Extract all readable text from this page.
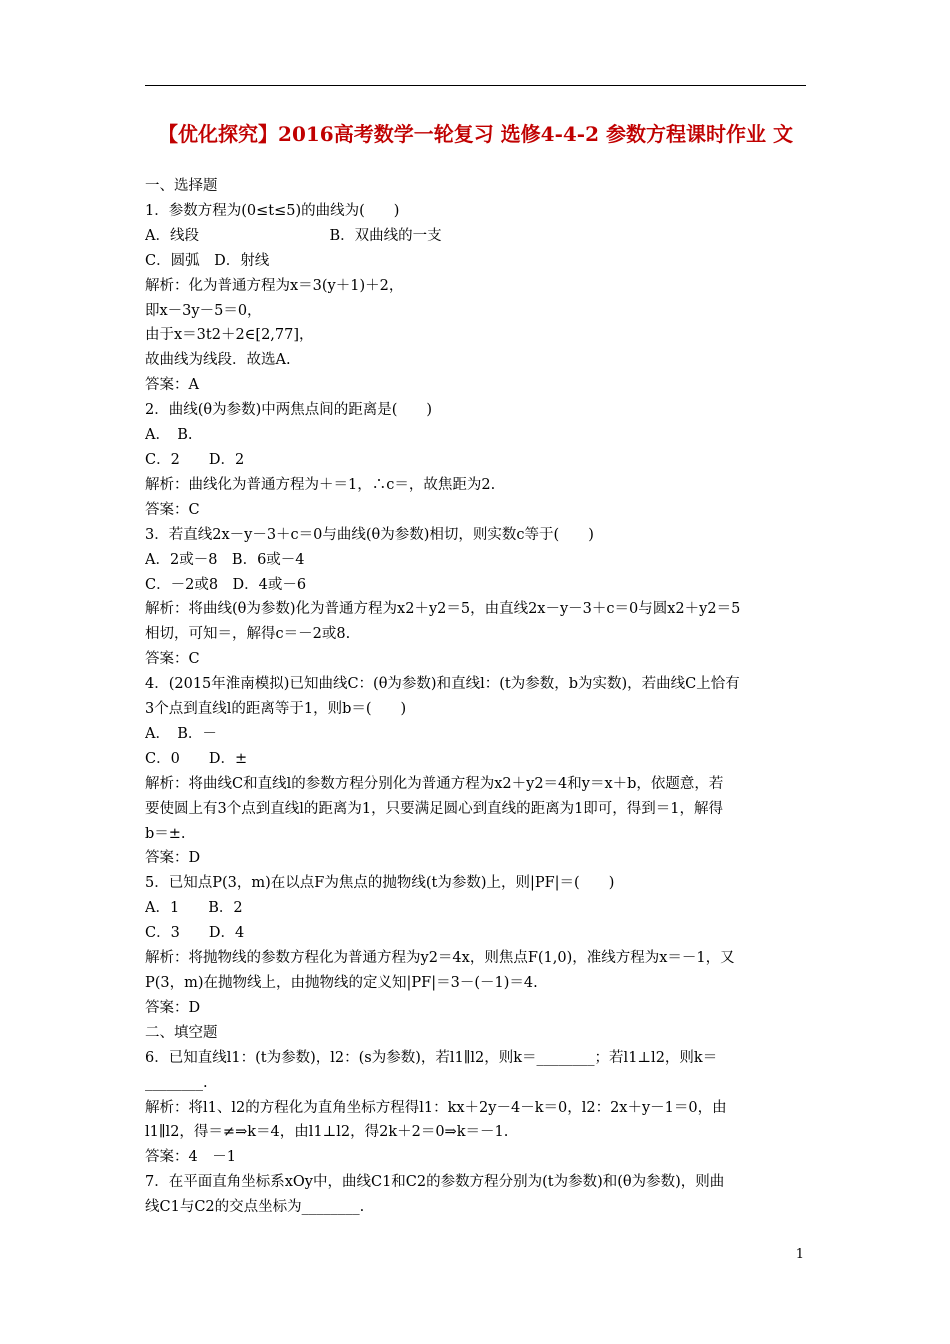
【优化探究】2016高考数学一轮复习 选修4-4-2 参数方程课时作业 文

一、选择题

1．参数方程为(0≤t≤5)的曲线为(　　)

A．线段　　　　　　　　　B．双曲线的一支

C．圆弧　D．射线

解析：化为普通方程为x＝3(y＋1)＋2，

即x－3y－5＝0，

由于x＝3t2＋2∈[2,77]，

故曲线为线段．故选A.

答案：A

2．曲线(θ为参数)中两焦点间的距离是(　　)

A．　B.

C．2　　D．2

解析：曲线化为普通方程为＋＝1，∴c＝，故焦距为2.

答案：C

3．若直线2x－y－3＋c＝0与曲线(θ为参数)相切，则实数c等于(　　)

A．2或－8　B．6或－4

C．－2或8　D．4或－6

解析：将曲线(θ为参数)化为普通方程为x2＋y2＝5，由直线2x－y－3＋c＝0与圆x2＋y2＝5

相切，可知＝，解得c＝－2或8.

答案：C

4．(2015年淮南模拟)已知曲线C：(θ为参数)和直线l：(t为参数，b为实数)，若曲线C上恰有

3个点到直线l的距离等于1，则b＝(　　)

A．　B．－

C．0　　D．±

解析：将曲线C和直线l的参数方程分别化为普通方程为x2＋y2＝4和y＝x＋b，依题意，若

要使圆上有3个点到直线l的距离为1，只要满足圆心到直线的距离为1即可，得到＝1，解得

b＝±.

答案：D

5．已知点P(3，m)在以点F为焦点的抛物线(t为参数)上，则|PF|＝(　　)

A．1　　B．2

C．3　　D．4

解析：将抛物线的参数方程化为普通方程为y2＝4x，则焦点F(1,0)，准线方程为x＝－1，又

P(3，m)在抛物线上，由抛物线的定义知|PF|＝3－(－1)＝4.

答案：D

二、填空题

6．已知直线l1：(t为参数)，l2：(s为参数)，若l1∥l2，则k＝________；若l1⊥l2，则k＝

________.

解析：将l1、l2的方程化为直角坐标方程得l1：kx＋2y－4－k＝0，l2：2x＋y－1＝0，由

l1∥l2，得＝≠⇒k＝4，由l1⊥l2，得2k＋2＝0⇒k＝－1.

答案：4　－1

7．在平面直角坐标系xOy中，曲线C1和C2的参数方程分别为(t为参数)和(θ为参数)，则曲

线C1与C2的交点坐标为________.

1
